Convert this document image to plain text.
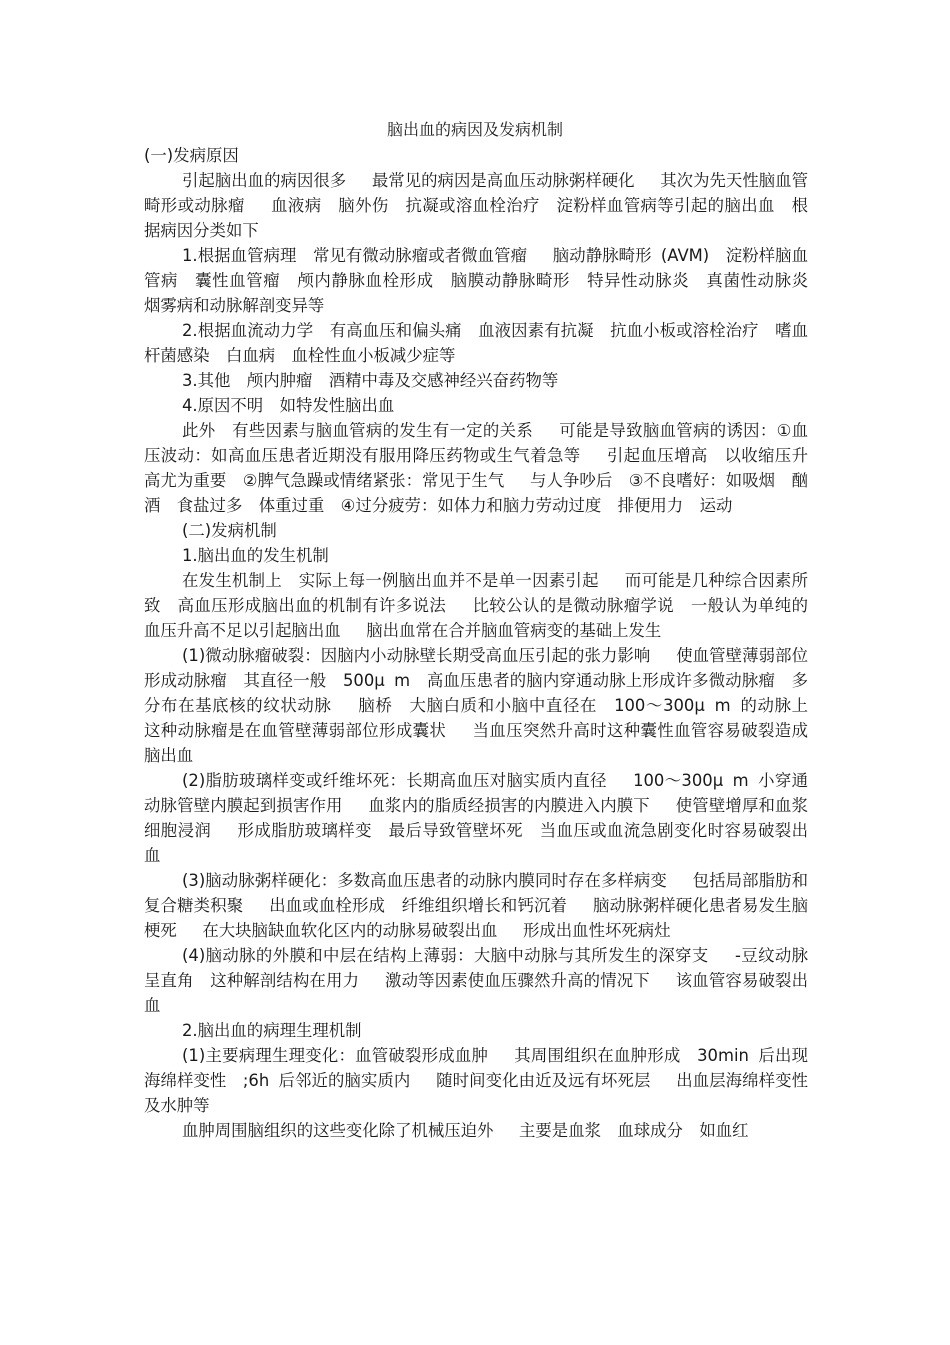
脑出血的病因及发病机制

(一)发病原因

引起脑出血的病因很多　 最常见的病因是高血压动脉粥样硬化　 其次为先天性脑血管畸形或动脉瘤　 血液病　脑外伤　抗凝或溶血栓治疗　淀粉样血管病等引起的脑出血　根据病因分类如下

1.根据血管病理　常见有微动脉瘤或者微血管瘤　 脑动静脉畸形 (AVM)　淀粉样脑血管病　囊性血管瘤　颅内静脉血栓形成　脑膜动静脉畸形　特异性动脉炎　真菌性动脉炎　烟雾病和动脉解剖变异等

2.根据血流动力学　有高血压和偏头痛　血液因素有抗凝　抗血小板或溶栓治疗　嗜血杆菌感染　白血病　血栓性血小板减少症等

3.其他　颅内肿瘤　酒精中毒及交感神经兴奋药物等

4.原因不明　如特发性脑出血

此外　有些因素与脑血管病的发生有一定的关系　 可能是导致脑血管病的诱因：①血压波动：如高血压患者近期没有服用降压药物或生气着急等　 引起血压增高　以收缩压升高尤为重要　②脾气急躁或情绪紧张：常见于生气　 与人争吵后　③不良嗜好：如吸烟　酗酒　食盐过多　体重过重　④过分疲劳：如体力和脑力劳动过度　排便用力　运动

(二)发病机制

1.脑出血的发生机制

在发生机制上　实际上每一例脑出血并不是单一因素引起　 而可能是几种综合因素所致　高血压形成脑出血的机制有许多说法　 比较公认的是微动脉瘤学说　一般认为单纯的血压升高不足以引起脑出血　 脑出血常在合并脑血管病变的基础上发生

(1)微动脉瘤破裂：因脑内小动脉壁长期受高血压引起的张力影响　 使血管壁薄弱部位形成动脉瘤　其直径一般　500μ m　高血压患者的脑内穿通动脉上形成许多微动脉瘤　多分布在基底核的纹状动脉　 脑桥　大脑白质和小脑中直径在　100～300μ m 的动脉上　这种动脉瘤是在血管壁薄弱部位形成囊状　 当血压突然升高时这种囊性血管容易破裂造成脑出血

(2)脂肪玻璃样变或纤维坏死：长期高血压对脑实质内直径　 100～300μ m 小穿通动脉管壁内膜起到损害作用　 血浆内的脂质经损害的内膜进入内膜下　 使管壁增厚和血浆细胞浸润　 形成脂肪玻璃样变　最后导致管壁坏死　当血压或血流急剧变化时容易破裂出血

(3)脑动脉粥样硬化：多数高血压患者的动脉内膜同时存在多样病变　 包括局部脂肪和复合糖类积聚　 出血或血栓形成　纤维组织增长和钙沉着　 脑动脉粥样硬化患者易发生脑梗死　 在大块脑缺血软化区内的动脉易破裂出血　 形成出血性坏死病灶

(4)脑动脉的外膜和中层在结构上薄弱：大脑中动脉与其所发生的深穿支　 -豆纹动脉呈直角　这种解剖结构在用力　 激动等因素使血压骤然升高的情况下　 该血管容易破裂出血

2.脑出血的病理生理机制

(1)主要病理生理变化：血管破裂形成血肿　 其周围组织在血肿形成　30min 后出现海绵样变性　;6h 后邻近的脑实质内　 随时间变化由近及远有坏死层　 出血层海绵样变性及水肿等

血肿周围脑组织的这些变化除了机械压迫外　 主要是血浆　血球成分　如血红
